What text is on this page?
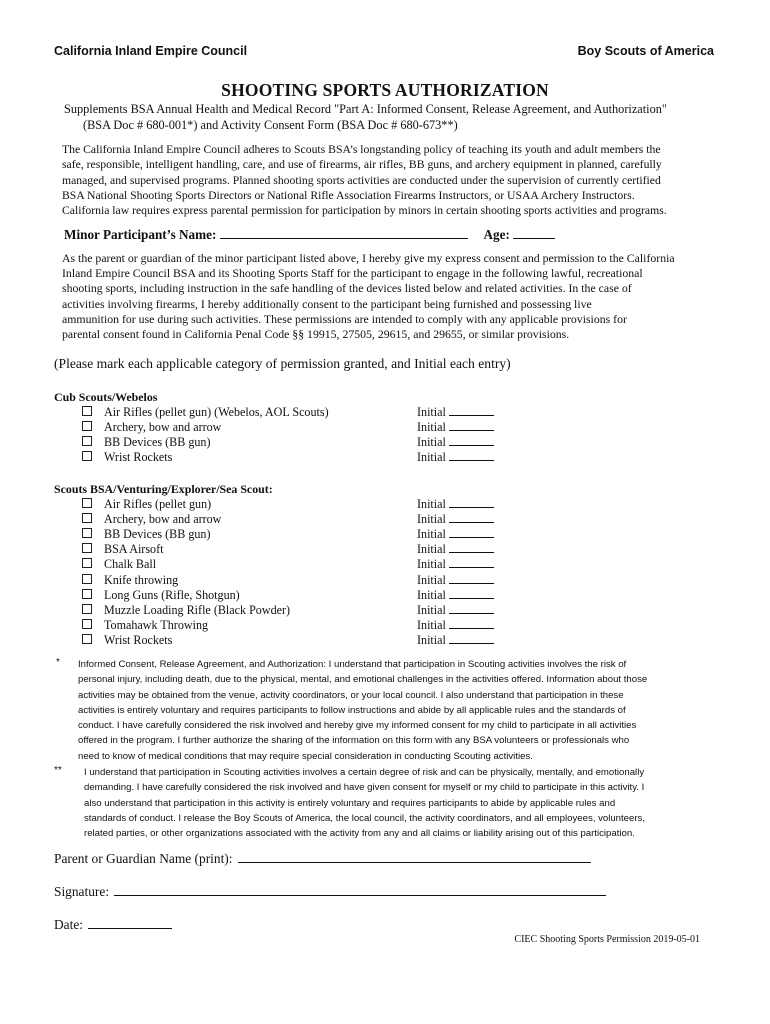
California Inland Empire Council	Boy Scouts of America
SHOOTING SPORTS AUTHORIZATION
Supplements BSA Annual Health and Medical Record "Part A: Informed Consent, Release Agreement, and Authorization"
(BSA Doc # 680-001*) and Activity Consent Form (BSA Doc # 680-673**)
The California Inland Empire Council adheres to Scouts BSA’s longstanding policy of teaching its youth and adult members the
safe, responsible, intelligent handling, care, and use of firearms, air rifles, BB guns, and archery equipment in planned, carefully
managed, and supervised programs. Planned shooting sports activities are conducted under the supervision of currently certified
BSA National Shooting Sports Directors or National Rifle Association Firearms Instructors, or USAA Archery Instructors.
California law requires express parental permission for participation by minors in certain shooting sports activities and programs.
Minor Participant’s Name:	Age:
As the parent or guardian of the minor participant listed above, I hereby give my express consent and permission to the California
Inland Empire Council BSA and its Shooting Sports Staff for the participant to engage in the following lawful, recreational
shooting sports, including instruction in the safe handling of the devices listed below and related activities. In the case of
activities involving firearms, I hereby additionally consent to the participant being furnished and possessing live
ammunition for use during such activities. These permissions are intended to comply with any applicable provisions for
parental consent found in California Penal Code §§ 19915, 27505, 29615, and 29655, or similar provisions.
(Please mark each applicable category of permission granted, and Initial each entry)
Cub Scouts/Webelos
Air Rifles (pellet gun) (Webelos, AOL Scouts)	Initial
Archery, bow and arrow	Initial
BB Devices (BB gun)	Initial
Wrist Rockets	Initial
Scouts BSA/Venturing/Explorer/Sea Scout:
Air Rifles (pellet gun)	Initial
Archery, bow and arrow	Initial
BB Devices (BB gun)	Initial
BSA Airsoft	Initial
Chalk Ball	Initial
Knife throwing	Initial
Long Guns (Rifle, Shotgun)	Initial
Muzzle Loading Rifle (Black Powder)	Initial
Tomahawk Throwing	Initial
Wrist Rockets	Initial
* Informed Consent, Release Agreement, and Authorization: I understand that participation in Scouting activities involves the risk of
personal injury, including death, due to the physical, mental, and emotional challenges in the activities offered. Information about those
activities may be obtained from the venue, activity coordinators, or your local council. I also understand that participation in these
activities is entirely voluntary and requires participants to follow instructions and abide by all applicable rules and the standards of
conduct. I have carefully considered the risk involved and hereby give my informed consent for my child to participate in all activities
offered in the program. I further authorize the sharing of the information on this form with any BSA volunteers or professionals who
need to know of medical conditions that may require special consideration in conducting Scouting activities.
** I understand that participation in Scouting activities involves a certain degree of risk and can be physically, mentally, and emotionally
demanding. I have carefully considered the risk involved and have given consent for myself or my child to participate in this activity. I
also understand that participation in this activity is entirely voluntary and requires participants to abide by applicable rules and
standards of conduct. I release the Boy Scouts of America, the local council, the activity coordinators, and all employees, volunteers,
related parties, or other organizations associated with the activity from any and all claims or liability arising out of this participation.
Parent or Guardian Name (print):
Signature:
Date:
CIEC Shooting Sports Permission 2019-05-01
